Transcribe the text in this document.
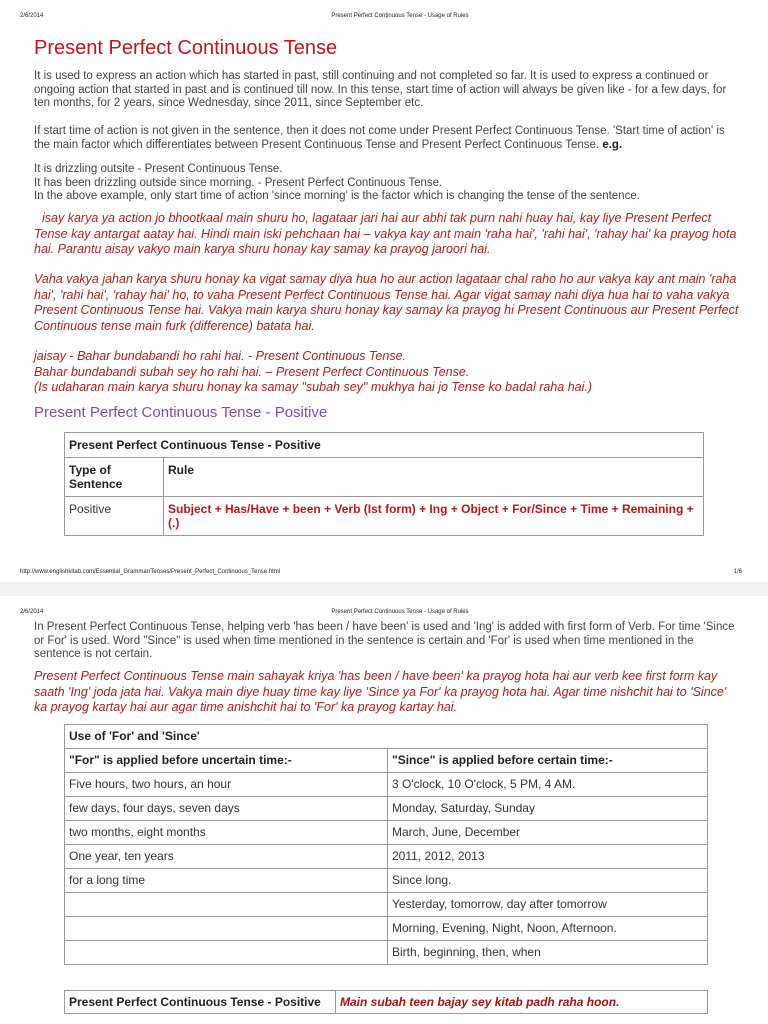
2/6/2014	Present Perfect Continuous Tense - Usage of Rules
Present Perfect Continuous Tense

It is used to express an action which has started in past, still continuing and not completed so far. It is used to express a continued or ongoing action that started in past and is continued till now. In this tense, start time of action will always be given like - for a few days, for ten months, for 2 years, since Wednesday, since 2011, since September etc.

If start time of action is not given in the sentence, then it does not come under Present Perfect Continuous Tense. 'Start time of action' is the main factor which differentiates between Present Continuous Tense and Present Perfect Continuous Tense. e.g.

It is drizzling outsite - Present Continuous Tense.
It has been drizzling outside since morning. - Present Perfect Continuous Tense.
In the above example, only start time of action 'since morning' is the factor which is changing the tense of the sentence.

isay karya ya action jo bhootkaal main shuru ho, lagataar jari hai aur abhi tak purn nahi huay hai, kay liye Present Perfect Tense kay antargat aatay hai. Hindi main iski pehchaan hai – vakya kay ant main 'raha hai', 'rahi hai', 'rahay hai' ka prayog hota hai. Parantu aisay vakyo main karya shuru honay kay samay ka prayog jaroori hai.

Vaha vakya jahan karya shuru honay ka vigat samay diya hua ho aur action lagataar chal raho ho aur vakya kay ant main 'raha hai', 'rahi hai', 'rahay hai' ho, to vaha Present Perfect Continuous Tense hai. Agar vigat samay nahi diya hua hai to vaha vakya Present Continuous Tense hai. Vakya main karya shuru honay kay samay ka prayog hi Present Continuous aur Present Perfect Continuous tense main furk (difference) batata hai.

jaisay - Bahar bundabandi ho rahi hai. - Present Continuous Tense.
Bahar bundabandi subah sey ho rahi hai. – Present Perfect Continuous Tense.
(Is udaharan main karya shuru honay ka samay "subah sey" mukhya hai jo Tense ko badal raha hai.)
Present Perfect Continuous Tense - Positive
Present Perfect Continuous Tense - Positive	
Type of Sentence	Rule
Positive	Subject + Has/Have + been + Verb (Ist form) + Ing + Object + For/Since + Time + Remaining + (.)
http://www.englishkitab.com/Essential_Grammar/Tenses/Present_Perfect_Continuous_Tense.html	1/6
2/6/2014	Present Perfect Continuous Tense - Usage of Rules

In Present Perfect Continuous Tense, helping verb 'has been / have been' is used and 'Ing' is added with first form of Verb. For time 'Since or For' is used. Word "Since" is used when time mentioned in the sentence is certain and 'For' is used when time mentioned in the sentence is not certain.

Present Perfect Continuous Tense main sahayak kriya 'has been / have been' ka prayog hota hai aur verb kee first form kay saath 'Ing' joda jata hai. Vakya main diye huay time kay liye 'Since ya For' ka prayog hota hai. Agar time nishchit hai to 'Since' ka prayog kartay hai aur agar time anishchit hai to 'For' ka prayog kartay hai.

Use of 'For' and 'Since'	
"For" is applied before uncertain time:-	"Since" is applied before certain time:-
Five hours, two hours, an hour	3 O'clock, 10 O'clock, 5 PM, 4 AM.
few days, four days, seven days	Monday, Saturday, Sunday
two months, eight months	March, June, December
One year, ten years	2011, 2012, 2013
for a long time	Since long.
	Yesterday, tomorrow, day after tomorrow
	Morning, Evening, Night, Noon, Afternoon.
	Birth, beginning, then, when
Present Perfect Continuous Tense - Positive	Main subah teen bajay sey kitab padh raha hoon.
